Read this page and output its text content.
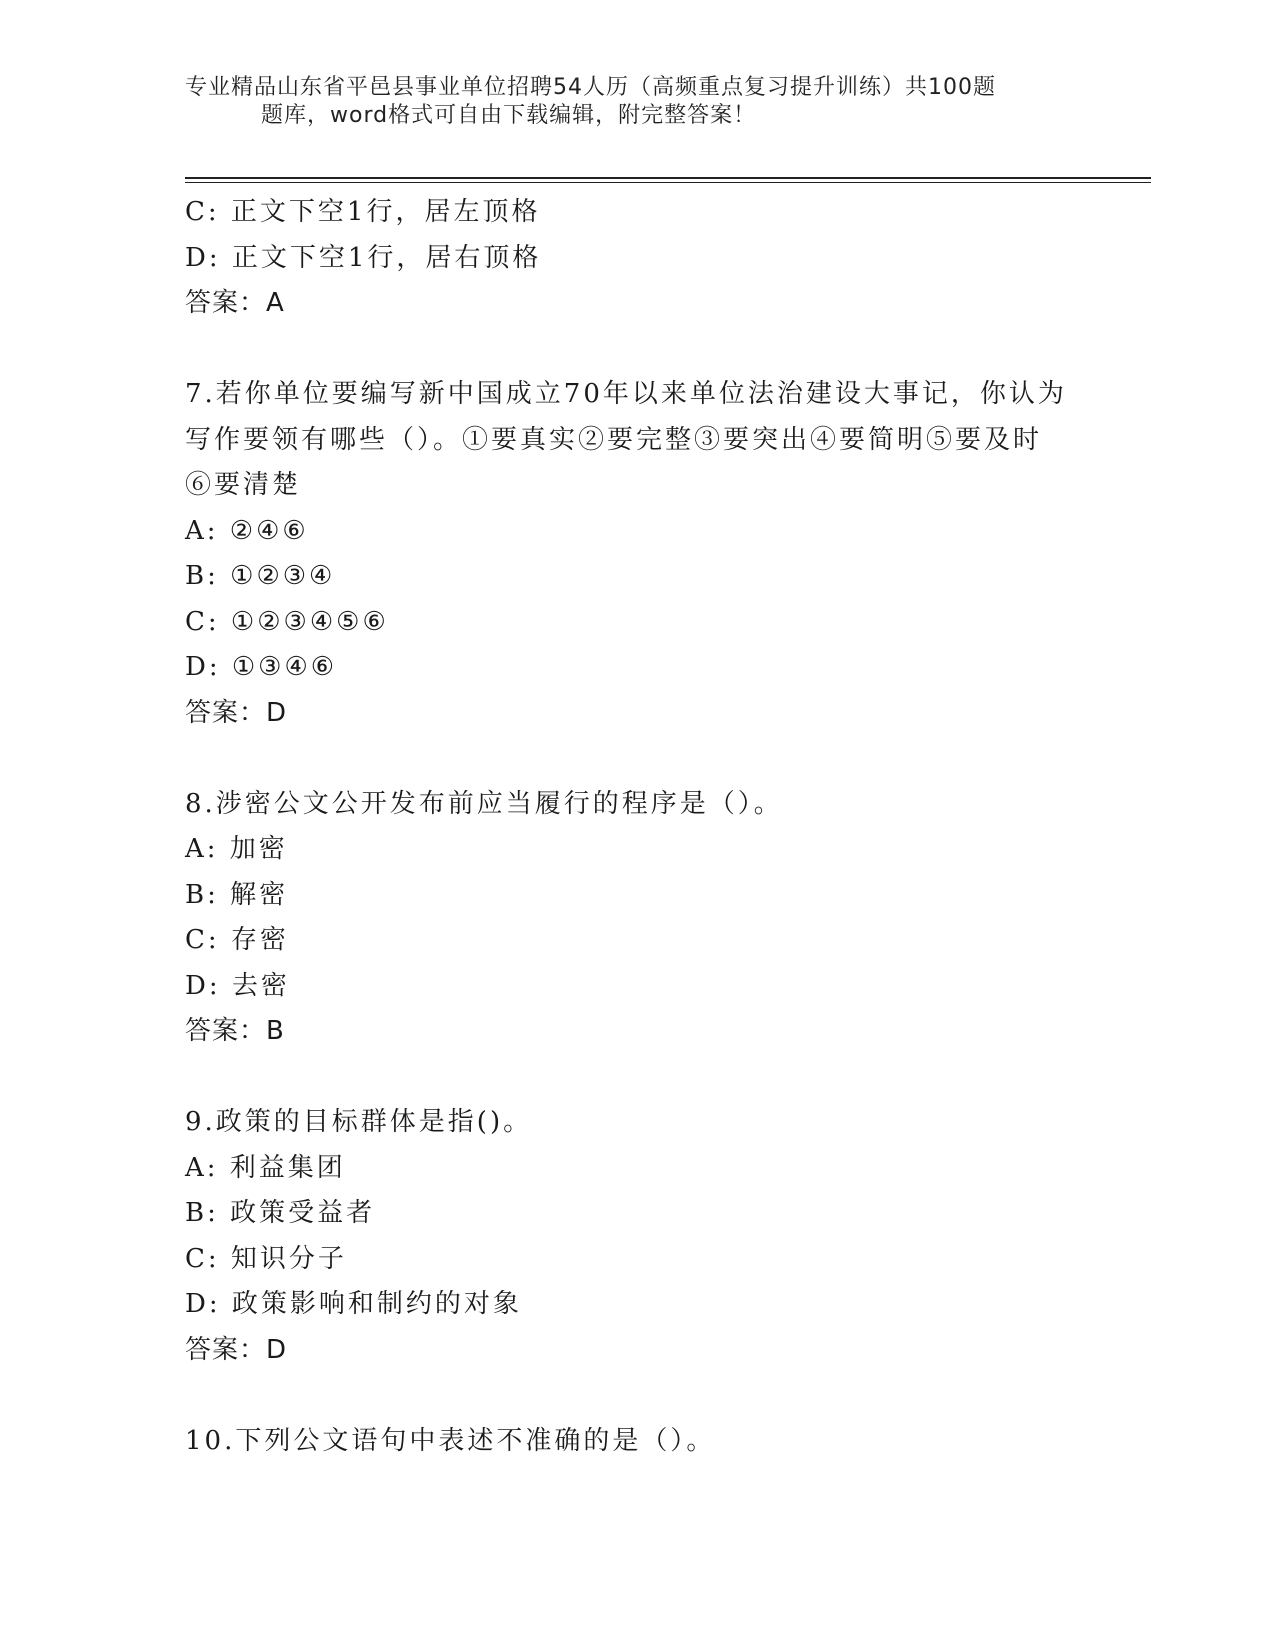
专业精品山东省平邑县事业单位招聘54人历（高频重点复习提升训练）共100题
题库，word格式可自由下载编辑，附完整答案！
C: 正文下空1行，居左顶格
D: 正文下空1行，居右顶格
答案：A
7.若你单位要编写新中国成立70年以来单位法治建设大事记，你认为
写作要领有哪些（）。①要真实②要完整③要突出④要简明⑤要及时
⑥要清楚
A: ②④⑥
B: ①②③④
C: ①②③④⑤⑥
D: ①③④⑥
答案：D
8.涉密公文公开发布前应当履行的程序是（）。
A: 加密
B: 解密
C: 存密
D: 去密
答案：B
9.政策的目标群体是指()。
A: 利益集团
B: 政策受益者
C: 知识分子
D: 政策影响和制约的对象
答案：D
10.下列公文语句中表述不准确的是（）。
